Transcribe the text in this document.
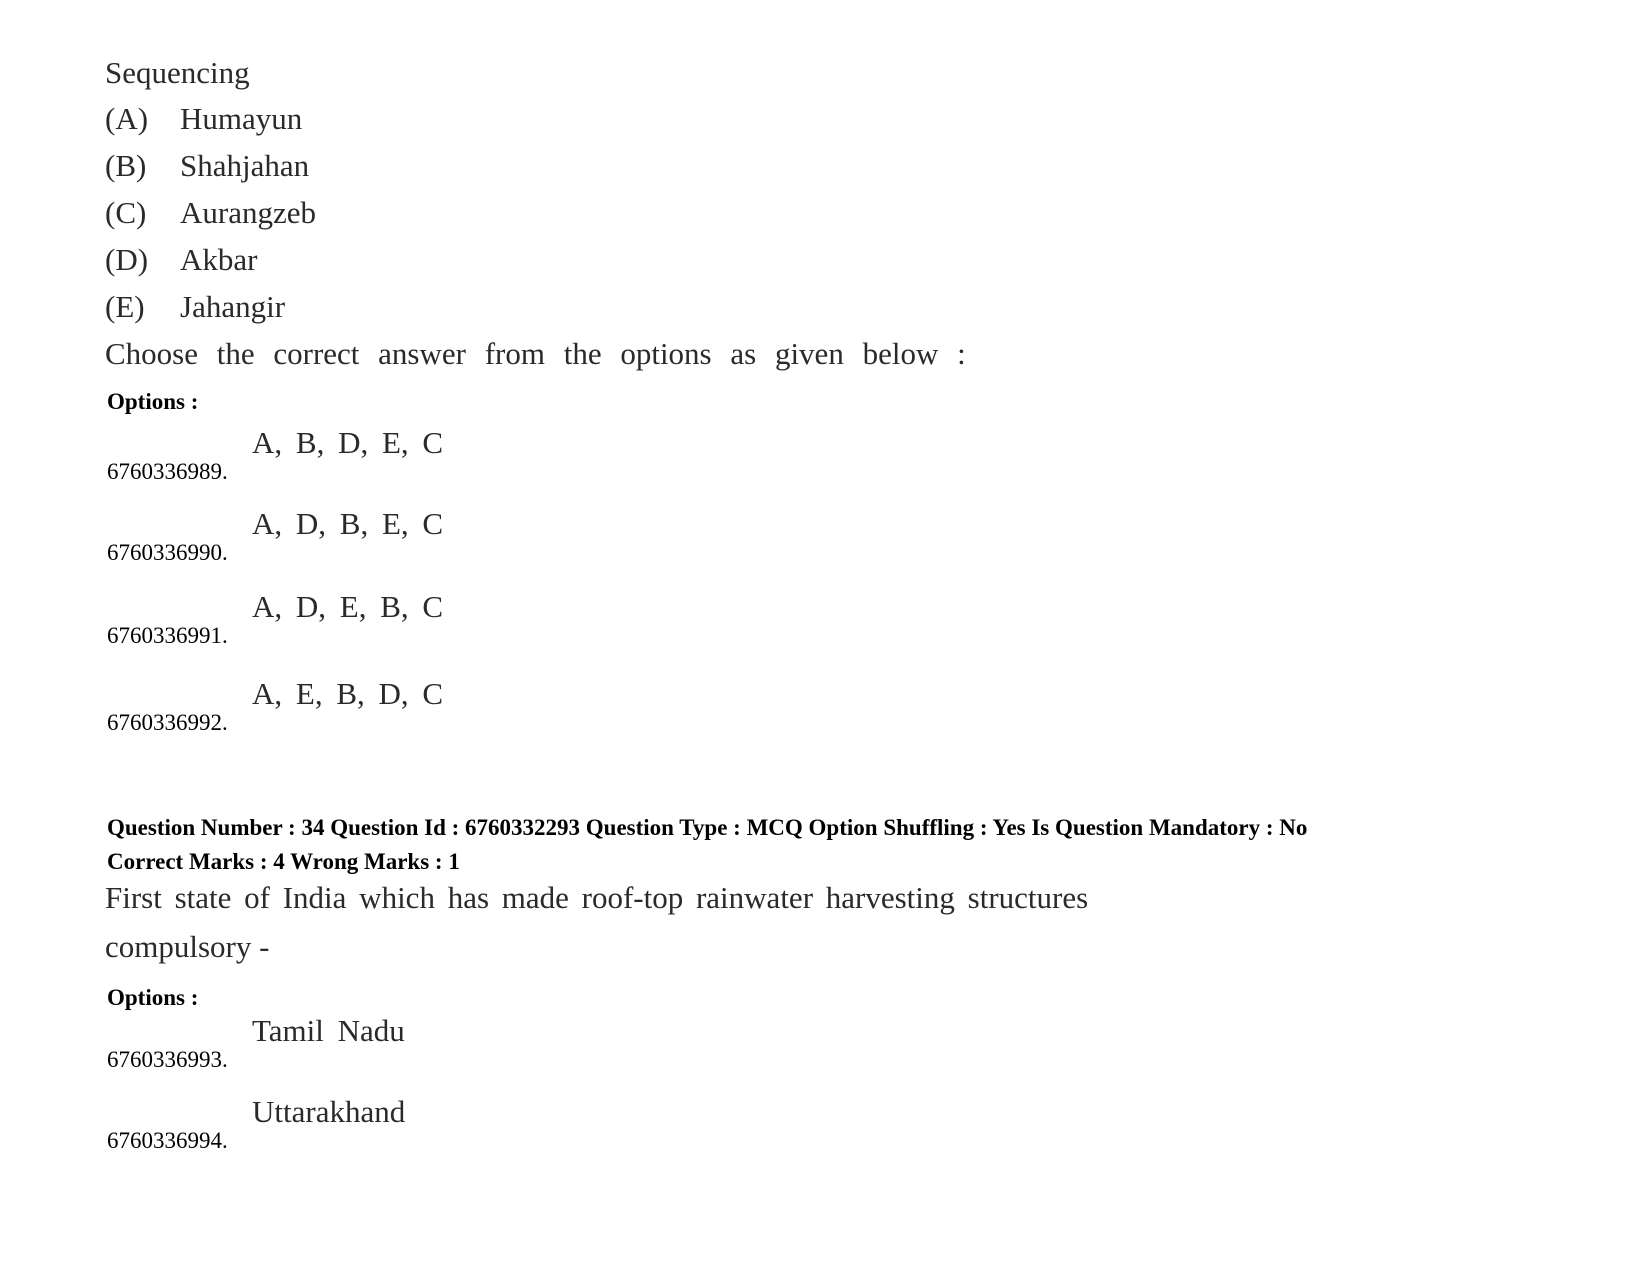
Sequencing
(A) Humayun
(B) Shahjahan
(C) Aurangzeb
(D) Akbar
(E) Jahangir
Choose the correct answer from the options as given below :
Options :
6760336989.
A, B, D, E, C
6760336990.
A, D, B, E, C
6760336991.
A, D, E, B, C
6760336992.
A, E, B, D, C
Question Number : 34 Question Id : 6760332293 Question Type : MCQ Option Shuffling : Yes Is Question Mandatory : No
Correct Marks : 4 Wrong Marks : 1
First state of India which has made roof-top rainwater harvesting structures
compulsory -
Options :
6760336993.
Tamil Nadu
6760336994.
Uttarakhand
